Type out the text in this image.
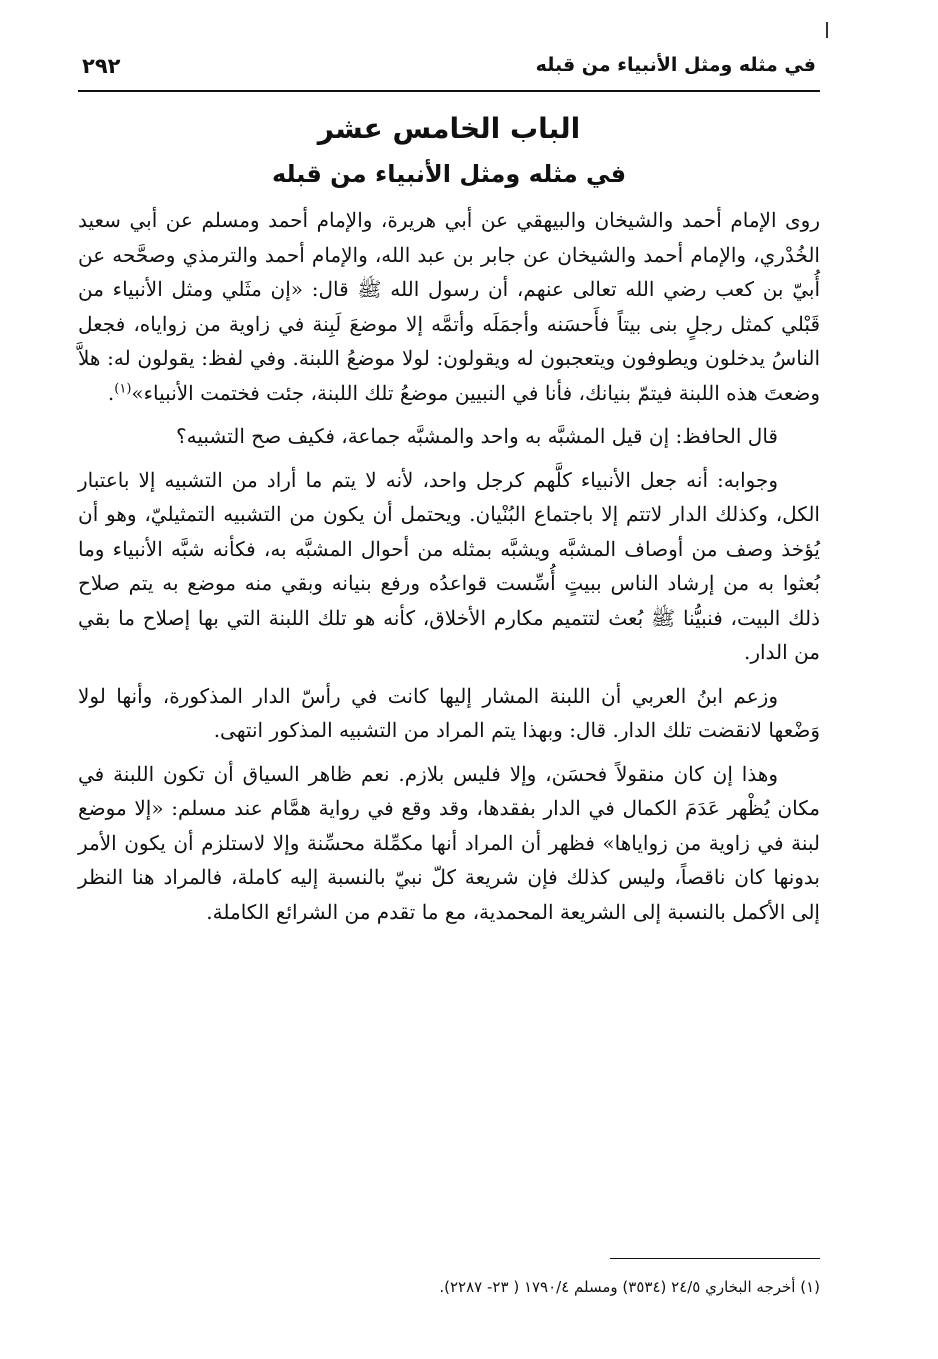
في مثله ومثل الأنبياء من قبله
٢٩٢
الباب الخامس عشر
في مثله ومثل الأنبياء من قبله

روى الإمام أحمد والشيخان والبيهقي عن أبي هريرة، والإمام أحمد ومسلم عن أبي سعيد الخُدْري، والإمام أحمد والشيخان عن جابر بن عبد الله، والإمام أحمد والترمذي وصحَّحه عن أُبيّ بن كعب رضي الله تعالى عنهم، أن رسول الله ﷺ قال: «إن مثَلي ومثل الأنبياء من قَبْلي كمثل رجلٍ بنى بيتاً فأَحسَنه وأجمَلَه وأتمَّه إلا موضعَ لَبِنة في زاوية من زواياه، فجعل الناسُ يدخلون ويطوفون ويتعجبون له ويقولون: لولا موضعُ اللبنة. وفي لفظ: يقولون له: هلاَّ وضعتَ هذه اللبنة فيتمّ بنيانك، فأنا في النبيين موضعُ تلك اللبنة، جئت فختمت الأنبياء»$^{(١)}$.

قال الحافظ: إن قيل المشبَّه به واحد والمشبَّه جماعة، فكيف صح التشبيه؟

وجوابه: أنه جعل الأنبياء كلَّهم كرجل واحد، لأنه لا يتم ما أراد من التشبيه إلا باعتبار الكل، وكذلك الدار لاتتم إلا باجتماع البُنْيان. ويحتمل أن يكون من التشبيه التمثيليّ، وهو أن يُؤخذ وصف من أوصاف المشبَّه ويشبَّه بمثله من أحوال المشبَّه به، فكأنه شبَّه الأنبياء وما بُعثوا به من إرشاد الناس ببيتٍ أُسِّست قواعدُه ورفع بنيانه وبقي منه موضع به يتم صلاح ذلك البيت، فنبيُّنا ﷺ بُعث لتتميم مكارم الأخلاق، كأنه هو تلك اللبنة التي بها إصلاح ما بقي من الدار.

وزعم ابنُ العربي أن اللبنة المشار إليها كانت في رأسّ الدار المذكورة، وأنها لولا وَضْعها لانقضت تلك الدار. قال: وبهذا يتم المراد من التشبيه المذكور انتهى.

وهذا إن كان منقولاً فحسَن، وإلا فليس بلازم. نعم ظاهر السياق أن تكون اللبنة في مكان يُظْهر عَدَمَ الكمال في الدار بفقدها، وقد وقع في رواية همَّام عند مسلم: «إلا موضع لبنة في زاوية من زواياها» فظهر أن المراد أنها مكمِّلة محسِّنة وإلا لاستلزم أن يكون الأمر بدونها كان ناقصاً، وليس كذلك فإن شريعة كلّ نبيّ بالنسبة إليه كاملة، فالمراد هنا النظر إلى الأكمل بالنسبة إلى الشريعة المحمدية، مع ما تقدم من الشرائع الكاملة.

(١) أخرجه البخاري ٢٤/٥ (٣٥٣٤) ومسلم ١٧٩٠/٤ ( ٢٣- ٢٢٨٧).
